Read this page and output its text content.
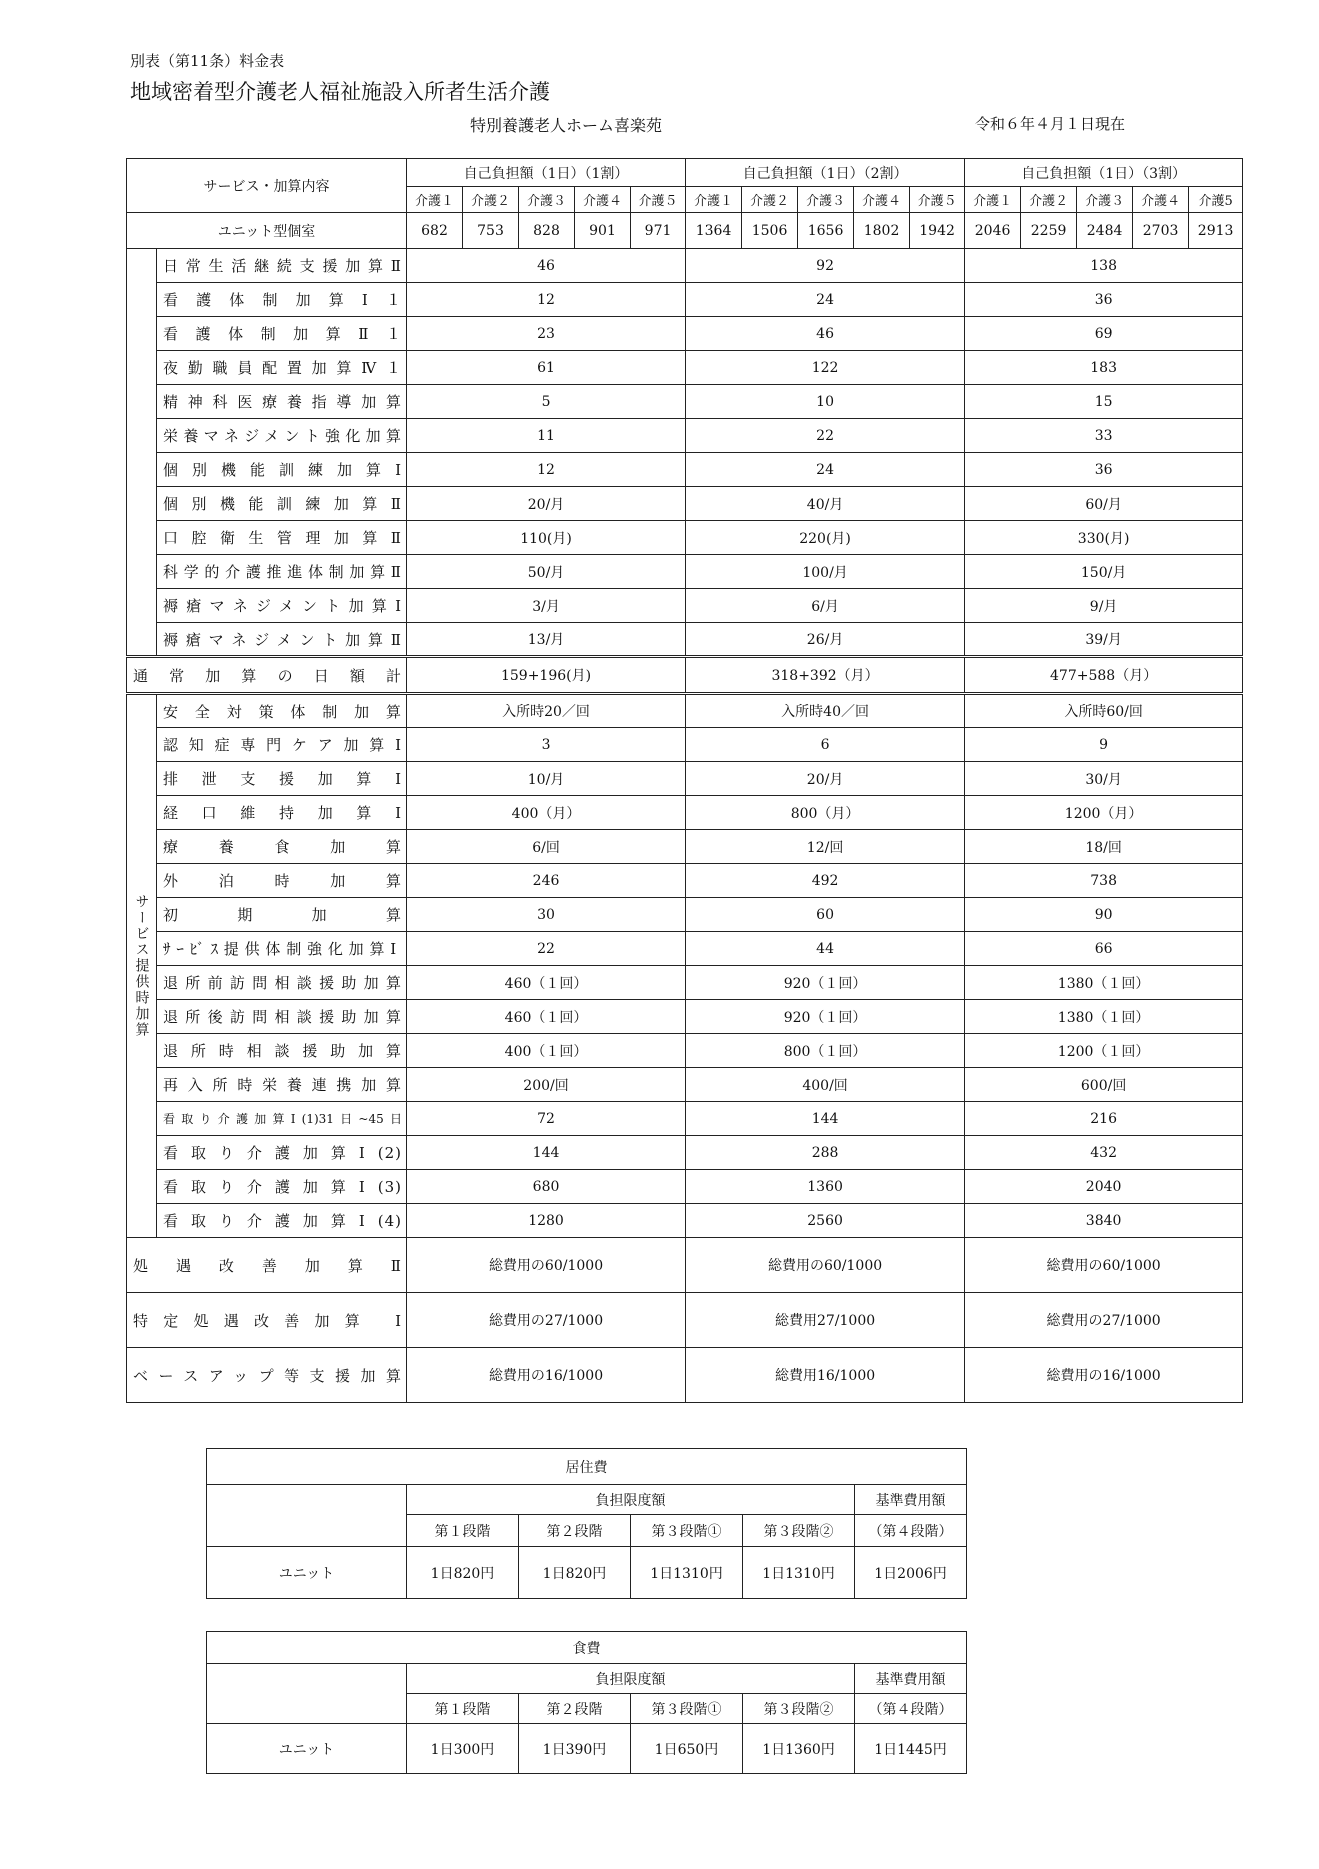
別表（第11条）料金表
地域密着型介護老人福祉施設入所者生活介護
特別養護老人ホーム喜楽苑	令和６年４月１日現在
サービス・加算内容		自己負担額（1日）（1割）					自己負担額（1日）（2割）					自己負担額（1日）（3割）				
		介護１	介護２	介護３	介護４	介護５	介護１	介護２	介護３	介護４	介護５	介護１	介護２	介護３	介護４	介護5
ユニット型個室		682	753	828	901	971	1364	1506	1656	1802	1942	2046	2259	2484	2703	2913
	日常生活継続支援加算Ⅱ	46					92					138				
	看護体制加算Ⅰ１	12					24					36				
	看護体制加算Ⅱ１	23					46					69				
	夜勤職員配置加算Ⅳ１	61					122					183				
	精神科医療養指導加算	5					10					15				
	栄養マネジメント強化加算	11					22					33				
	個別機能訓練加算Ⅰ	12					24					36				
	個別機能訓練加算Ⅱ	20/月					40/月					60/月				
	口腔衛生管理加算Ⅱ	110(月)					220(月)					330(月)				
	科学的介護推進体制加算Ⅱ	50/月					100/月					150/月				
	褥瘡マネジメント加算Ⅰ	3/月					6/月					9/月				
	褥瘡マネジメント加算Ⅱ	13/月					26/月					39/月				
通常加算の日額計		159+196(月)					318+392（月）					477+588（月）				
サービス提供時加算	安全対策体制加算	入所時20／回					入所時40／回					入所時60/回				
	認知症専門ケア加算Ⅰ	3					6					9				
	排泄支援加算Ⅰ	10/月					20/月					30/月				
	経口維持加算Ⅰ	400（月）					800（月）					1200（月）				
	療養食加算	6/回					12/回					18/回				
	外泊時加算	246					492					738				
	初期加算	30					60					90				
	ｻｰﾋﾞｽ提供体制強化加算Ⅰ	22					44					66				
	退所前訪問相談援助加算	460（１回）					920（１回）					1380（１回）				
	退所後訪問相談援助加算	460（１回）					920（１回）					1380（１回）				
	退所時相談援助加算	400（１回）					800（１回）					1200（１回）				
	再入所時栄養連携加算	200/回					400/回					600/回				
	看取り介護加算Ⅰ(1)31日~45日	72					144					216				
	看取り介護加算Ⅰ(2)	144					288					432				
	看取り介護加算Ⅰ(3)	680					1360					2040				
	看取り介護加算Ⅰ(4)	1280					2560					3840				
処遇改善加算Ⅱ		総費用の60/1000					総費用の60/1000					総費用の60/1000				
特定処遇改善加算 Ⅰ		総費用の27/1000					総費用27/1000					総費用の27/1000				
ベースアップ等支援加算		総費用の16/1000					総費用16/1000					総費用の16/1000				
居住費					
	負担限度額				基準費用額
	第１段階	第２段階	第３段階①	第３段階②	（第４段階）
ユニット	1日820円	1日820円	1日1310円	1日1310円	1日2006円
食費					
	負担限度額				基準費用額
	第１段階	第２段階	第３段階①	第３段階②	（第４段階）
ユニット	1日300円	1日390円	1日650円	1日1360円	1日1445円
